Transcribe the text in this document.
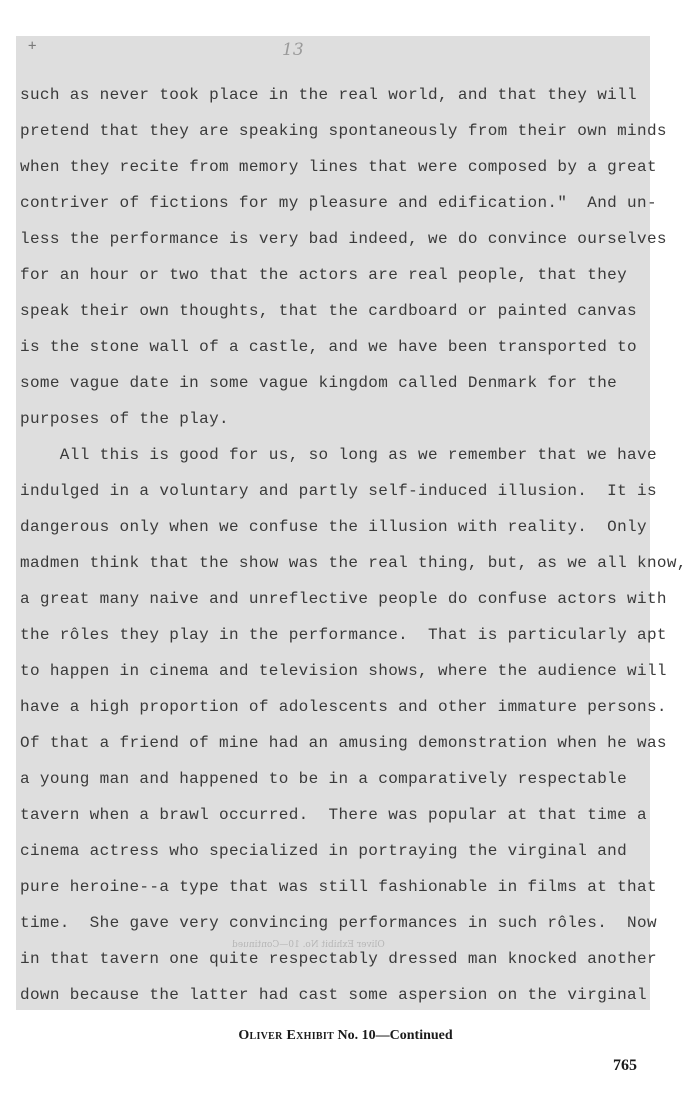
+	13
such as never took place in the real world, and that they will
pretend that they are speaking spontaneously from their own minds
when they recite from memory lines that were composed by a great
contriver of fictions for my pleasure and edification."  And un-
less the performance is very bad indeed, we do convince ourselves
for an hour or two that the actors are real people, that they
speak their own thoughts, that the cardboard or painted canvas
is the stone wall of a castle, and we have been transported to
some vague date in some vague kingdom called Denmark for the
purposes of the play.
All this is good for us, so long as we remember that we have
indulged in a voluntary and partly self-induced illusion.  It is
dangerous only when we confuse the illusion with reality.  Only
madmen think that the show was the real thing, but, as we all know,
a great many naive and unreflective people do confuse actors with
the rôles they play in the performance.  That is particularly apt
to happen in cinema and television shows, where the audience will
have a high proportion of adolescents and other immature persons.
Of that a friend of mine had an amusing demonstration when he was
a young man and happened to be in a comparatively respectable
tavern when a brawl occurred.  There was popular at that time a
cinema actress who specialized in portraying the virginal and
pure heroine--a type that was still fashionable in films at that
time.  She gave very convincing performances in such rôles.  Now
in that tavern one quite respectably dressed man knocked another
down because the latter had cast some aspersion on the virginal
Oliver Exhibit No. 10—Continued
Oliver Exhibit No. 10—Continued
765
